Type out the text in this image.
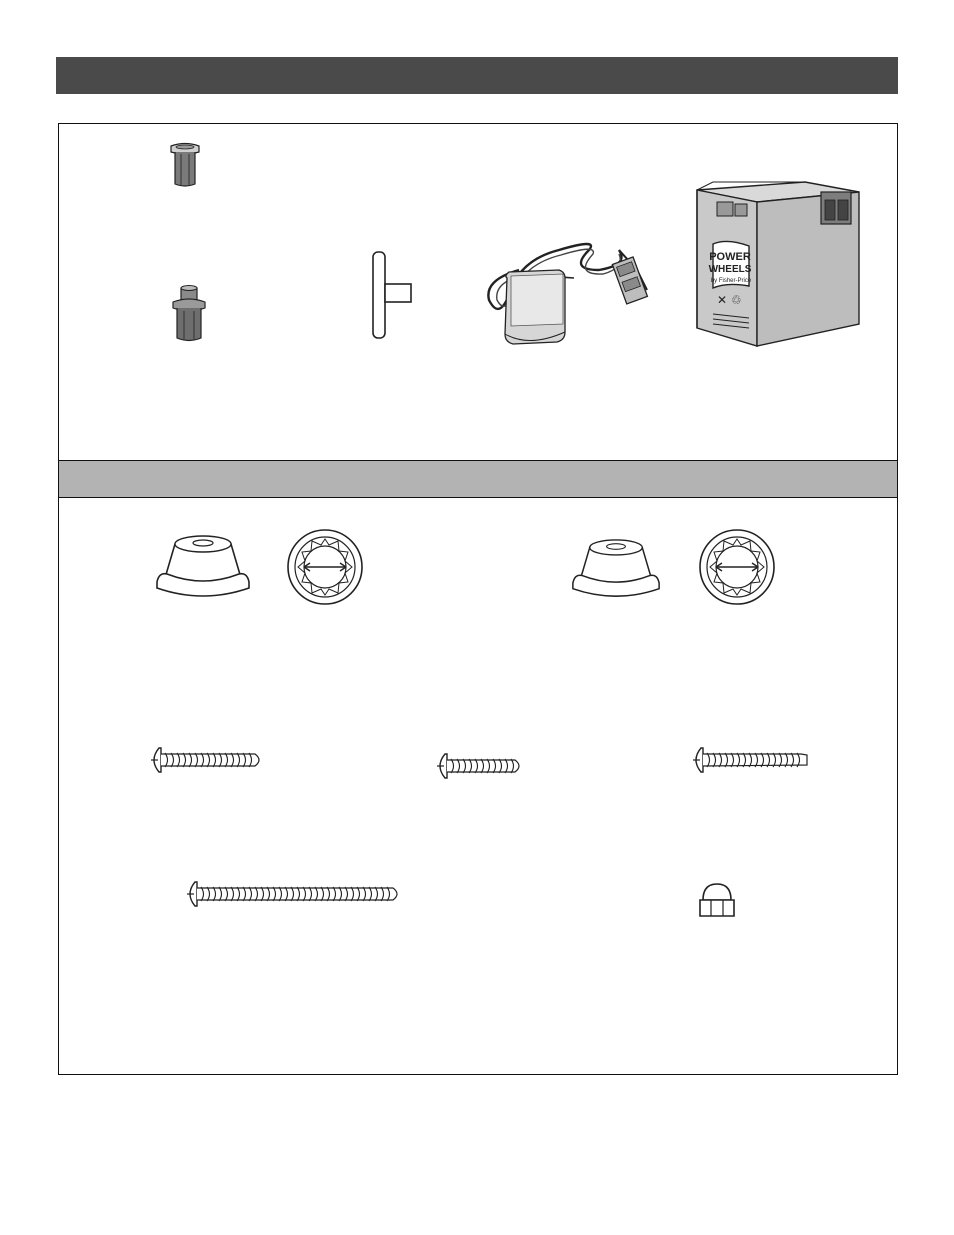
POWER
WHEELS
by Fisher-Price
✕ ♲
